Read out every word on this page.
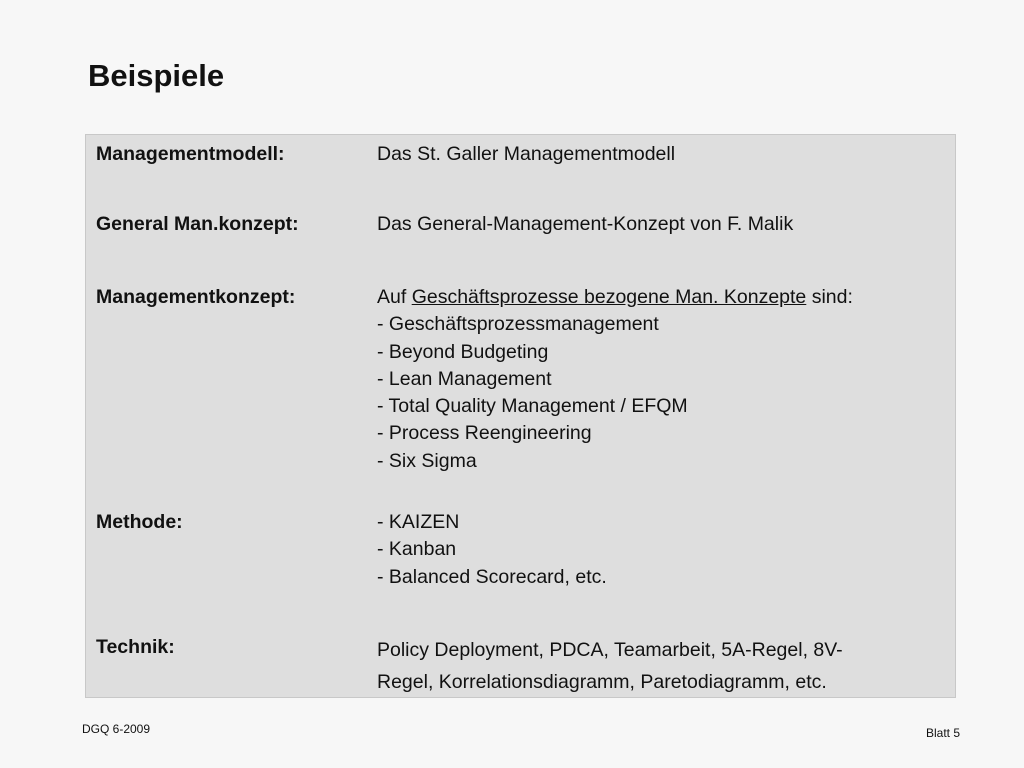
Beispiele
Managementmodell:	Das St. Galler Managementmodell
General Man.konzept:	Das General-Management-Konzept von F. Malik
Managementkonzept:	Auf Geschäftsprozesse bezogene Man. Konzepte sind:
- Geschäftsprozessmanagement
- Beyond Budgeting
- Lean Management
- Total Quality Management / EFQM
- Process Reengineering
- Six Sigma
Methode:	- KAIZEN
- Kanban
- Balanced Scorecard, etc.
Technik:	Policy Deployment, PDCA, Teamarbeit, 5A-Regel, 8V-
Regel, Korrelationsdiagramm, Paretodiagramm, etc.
DGQ 6-2009	Blatt 5
